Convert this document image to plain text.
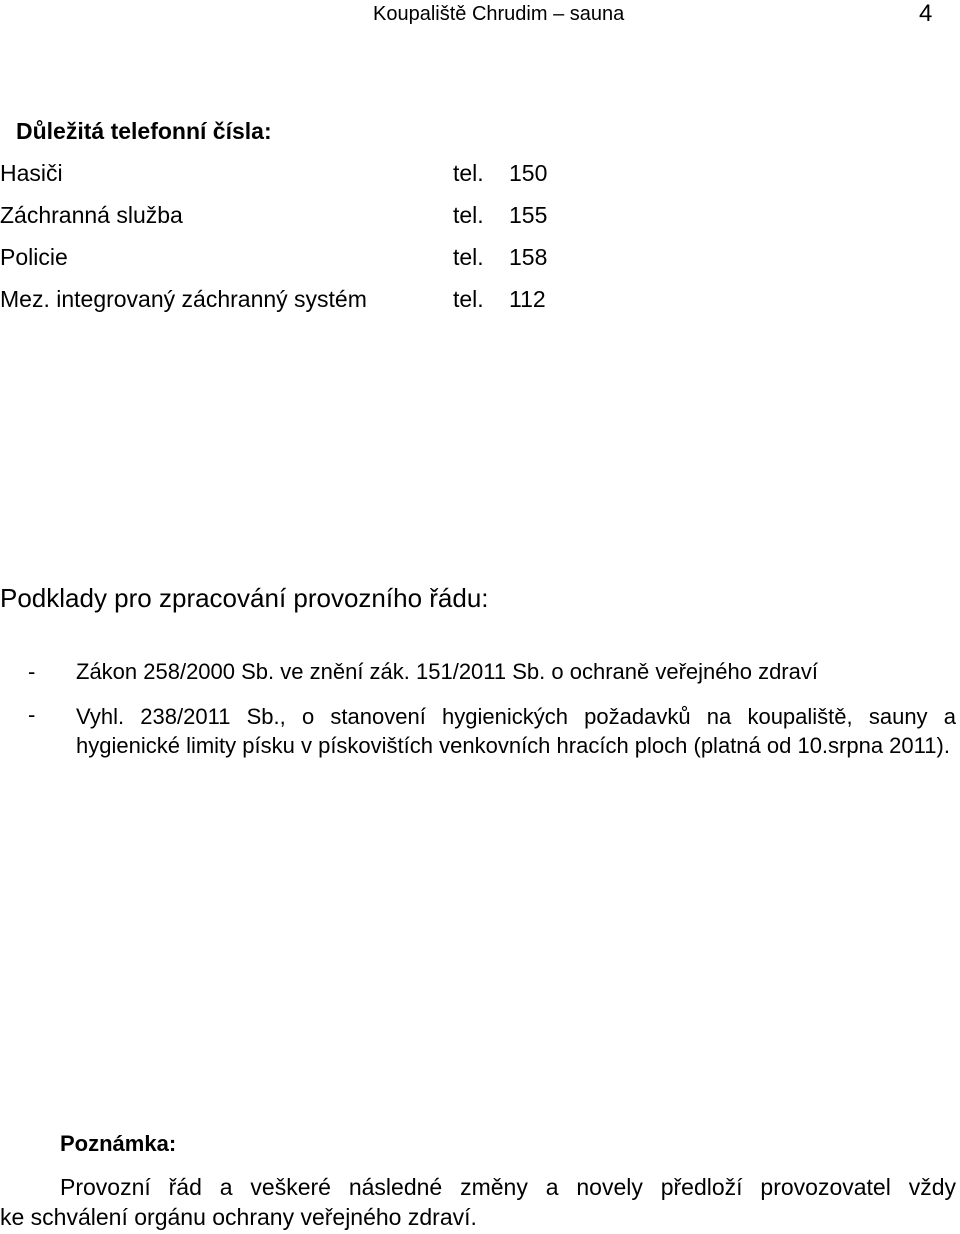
Koupaliště Chrudim – sauna	4
Důležitá telefonní čísla:
Hasiči	tel. 150
Záchranná služba	tel. 155
Policie	tel. 158
Mez. integrovaný záchranný systém	tel. 112
Podklady pro zpracování provozního řádu:
- Zákon 258/2000 Sb. ve znění zák. 151/2011 Sb. o ochraně veřejného zdraví
- Vyhl. 238/2011 Sb., o stanovení hygienických požadavků na koupaliště, sauny a hygienické limity písku v pískovištích venkovních hracích ploch (platná od 10.srpna 2011).
Poznámka:
Provozní řád a veškeré následné změny a novely předloží provozovatel vždy
ke schválení orgánu ochrany veřejného zdraví.
